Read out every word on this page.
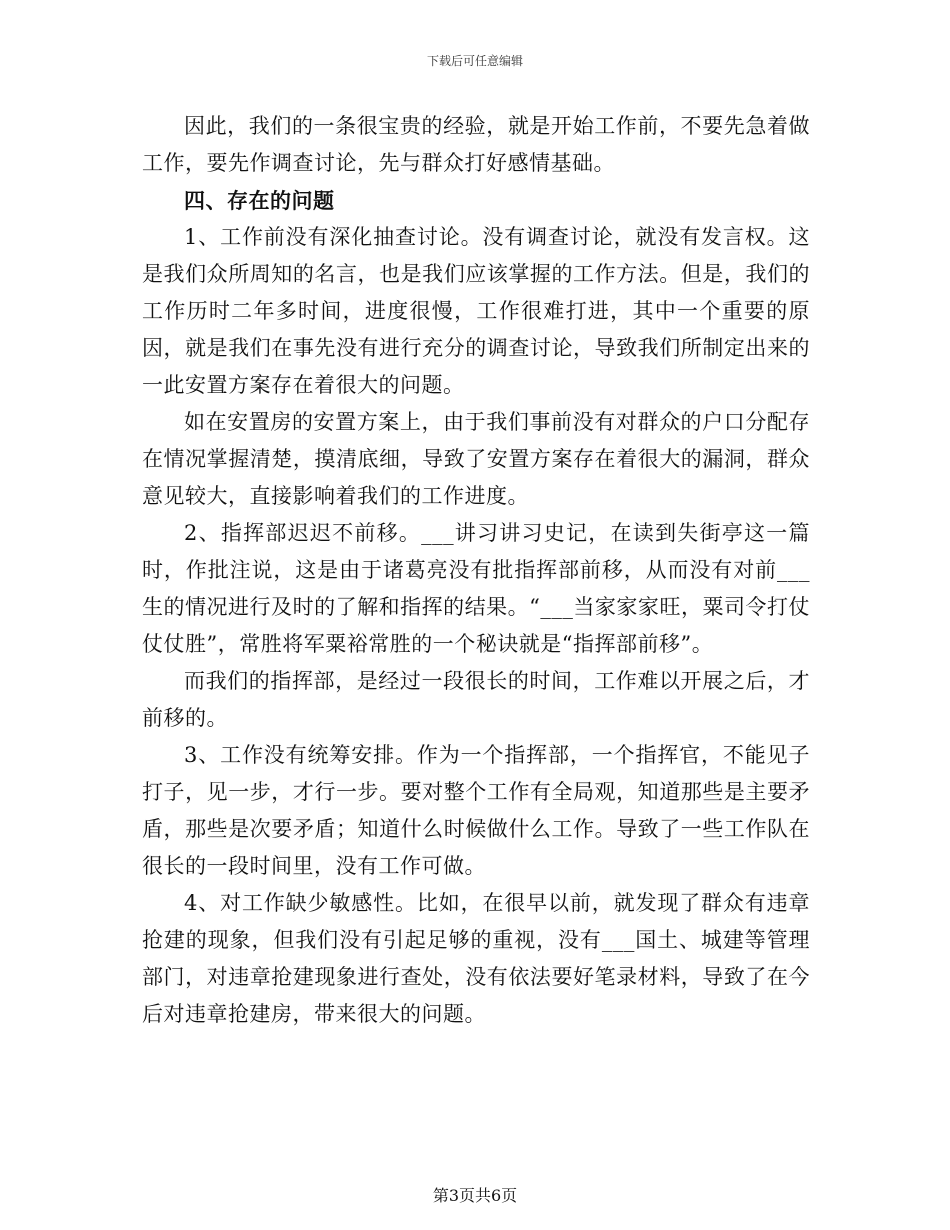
下载后可任意编辑

因此，我们的一条很宝贵的经验，就是开始工作前，不要先急着做工作，要先作调查讨论，先与群众打好感情基础。

四、存在的问题

1、工作前没有深化抽查讨论。没有调查讨论，就没有发言权。这是我们众所周知的名言，也是我们应该掌握的工作方法。但是，我们的工作历时二年多时间，进度很慢，工作很难打进，其中一个重要的原因，就是我们在事先没有进行充分的调查讨论，导致我们所制定出来的一此安置方案存在着很大的问题。

如在安置房的安置方案上，由于我们事前没有对群众的户口分配存在情况掌握清楚，摸清底细，导致了安置方案存在着很大的漏洞，群众意见较大，直接影响着我们的工作进度。

2、指挥部迟迟不前移。___讲习讲习史记，在读到失街亭这一篇时，作批注说，这是由于诸葛亮没有批指挥部前移，从而没有对前___生的情况进行及时的了解和指挥的结果。“___当家家家旺，粟司令打仗仗仗胜”，常胜将军粟裕常胜的一个秘诀就是“指挥部前移”。

而我们的指挥部，是经过一段很长的时间，工作难以开展之后，才前移的。

3、工作没有统筹安排。作为一个指挥部，一个指挥官，不能见子打子，见一步，才行一步。要对整个工作有全局观，知道那些是主要矛盾，那些是次要矛盾；知道什么时候做什么工作。导致了一些工作队在很长的一段时间里，没有工作可做。

4、对工作缺少敏感性。比如，在很早以前，就发现了群众有违章抢建的现象，但我们没有引起足够的重视，没有___国土、城建等管理部门，对违章抢建现象进行查处，没有依法要好笔录材料，导致了在今后对违章抢建房，带来很大的问题。

第3页共6页
